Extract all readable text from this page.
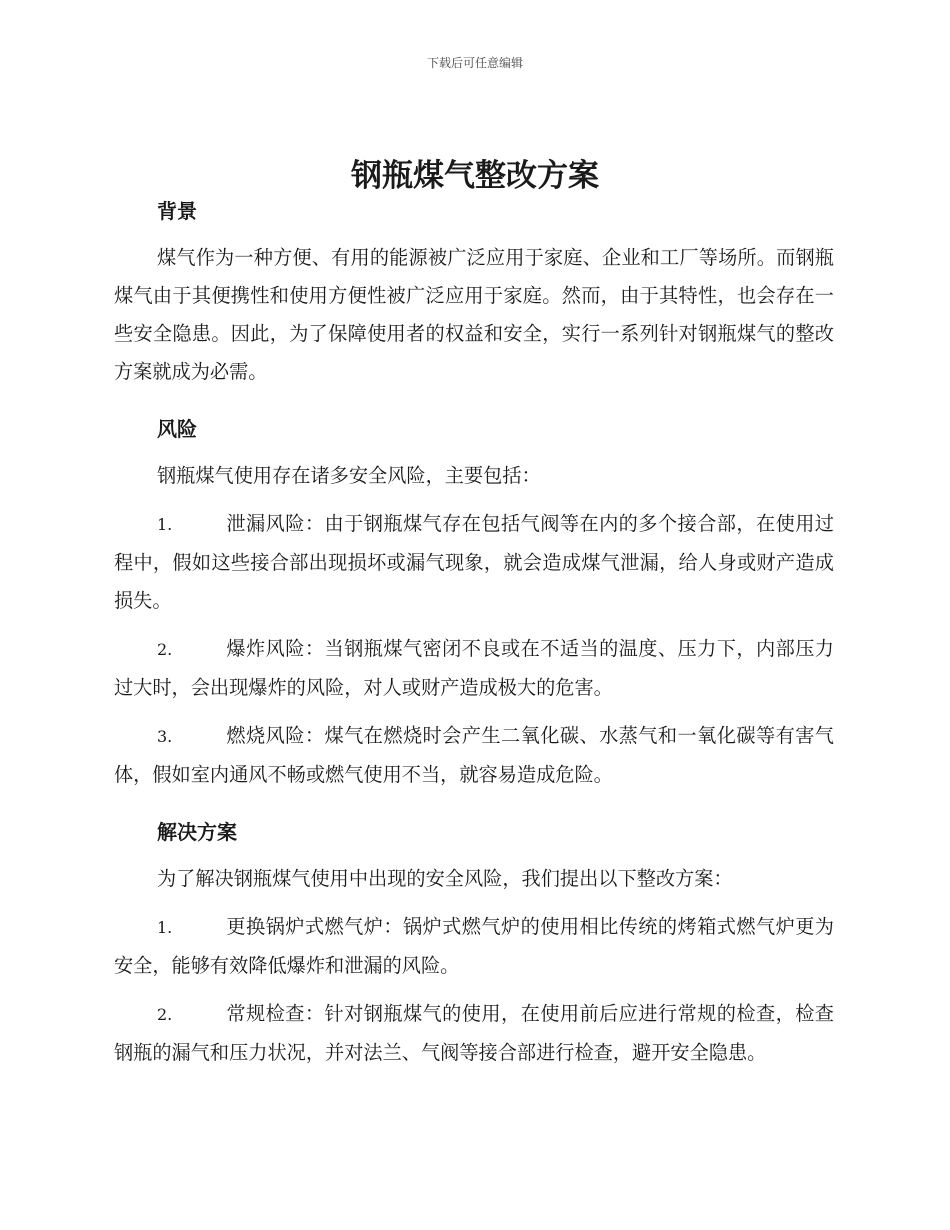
下载后可任意编辑
钢瓶煤气整改方案
背景

煤气作为一种方便、有用的能源被广泛应用于家庭、企业和工厂等场所。而钢瓶煤气由于其便携性和使用方便性被广泛应用于家庭。然而，由于其特性，也会存在一些安全隐患。因此，为了保障使用者的权益和安全，实行一系列针对钢瓶煤气的整改方案就成为必需。

风险

钢瓶煤气使用存在诸多安全风险，主要包括：

1.	泄漏风险：由于钢瓶煤气存在包括气阀等在内的多个接合部，在使用过程中，假如这些接合部出现损坏或漏气现象，就会造成煤气泄漏，给人身或财产造成损失。

2.	爆炸风险：当钢瓶煤气密闭不良或在不适当的温度、压力下，内部压力过大时，会出现爆炸的风险，对人或财产造成极大的危害。

3.	燃烧风险：煤气在燃烧时会产生二氧化碳、水蒸气和一氧化碳等有害气体，假如室内通风不畅或燃气使用不当，就容易造成危险。

解决方案

为了解决钢瓶煤气使用中出现的安全风险，我们提出以下整改方案：

1.	更换锅炉式燃气炉：锅炉式燃气炉的使用相比传统的烤箱式燃气炉更为安全，能够有效降低爆炸和泄漏的风险。

2.	常规检查：针对钢瓶煤气的使用，在使用前后应进行常规的检查，检查钢瓶的漏气和压力状况，并对法兰、气阀等接合部进行检查，避开安全隐患。
